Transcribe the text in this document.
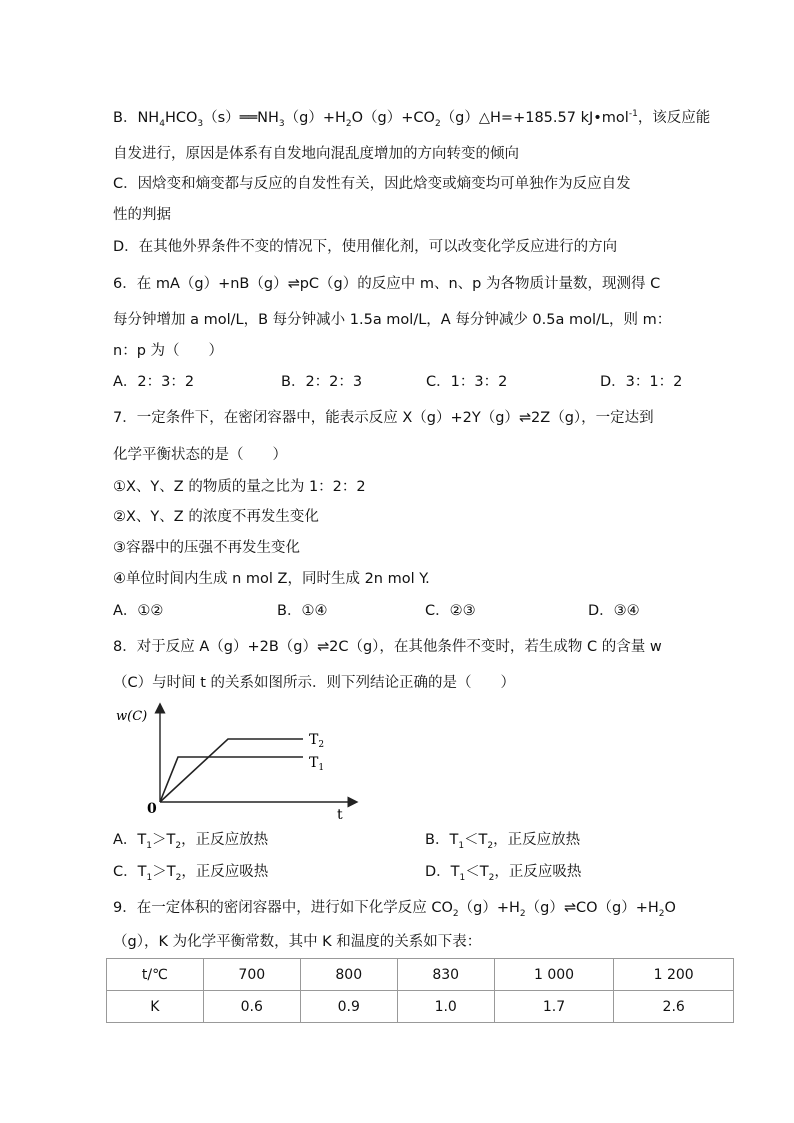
B．$NH_4HCO_3(s)══NH_3(g)+H_2O(g)+CO_2(g)\triangle H=+185.57$ kJ•mol$^{-1}$，该反应能
自发进行，原因是体系有自发地向混乱度增加的方向转变的倾向
C．因焓变和熵变都与反应的自发性有关，因此焓变或熵变均可单独作为反应自发
性的判据
D．在其他外界条件不变的情况下，使用催化剂，可以改变化学反应进行的方向
6．在 mA（g）+nB（g）⇌pC（g）的反应中 m、n、p 为各物质计量数，现测得 C
每分钟增加 a mol/L，B 每分钟减小 1.5a mol/L，A 每分钟减少 0.5a mol/L，则 m：
n：p 为（　　）
A．2：3：2	B．2：2：3	C．1：3：2	D．3：1：2
7．一定条件下，在密闭容器中，能表示反应 X（g）+2Y（g）⇌2Z（g），一定达到
化学平衡状态的是（　　）
①X、Y、Z 的物质的量之比为 1：2：2
②X、Y、Z 的浓度不再发生变化
③容器中的压强不再发生变化
④单位时间内生成 n mol Z，同时生成 2n mol Y.
A．①②	B．①④	C．②③	D．③④
8．对于反应 A（g）+2B（g）⇌2C（g），在其他条件不变时，若生成物 C 的含量 w
（C）与时间 t 的关系如图所示．则下列结论正确的是（　　）
w(C)
t
0
$T_2$
$T_1$
A．$T_1>T_2$，正反应放热	B．$T_1<T_2$，正反应放热
C．$T_1>T_2$，正反应吸热	D．$T_1<T_2$，正反应吸热
9．在一定体积的密闭容器中，进行如下化学反应 $CO_2(g)+H_2(g)\rightleftharpoons CO(g)+H_2O$
（g），K 为化学平衡常数，其中 K 和温度的关系如下表：
t/℃	700	800	830	1 000	1 200
K	0.6	0.9	1.0	1.7	2.6
